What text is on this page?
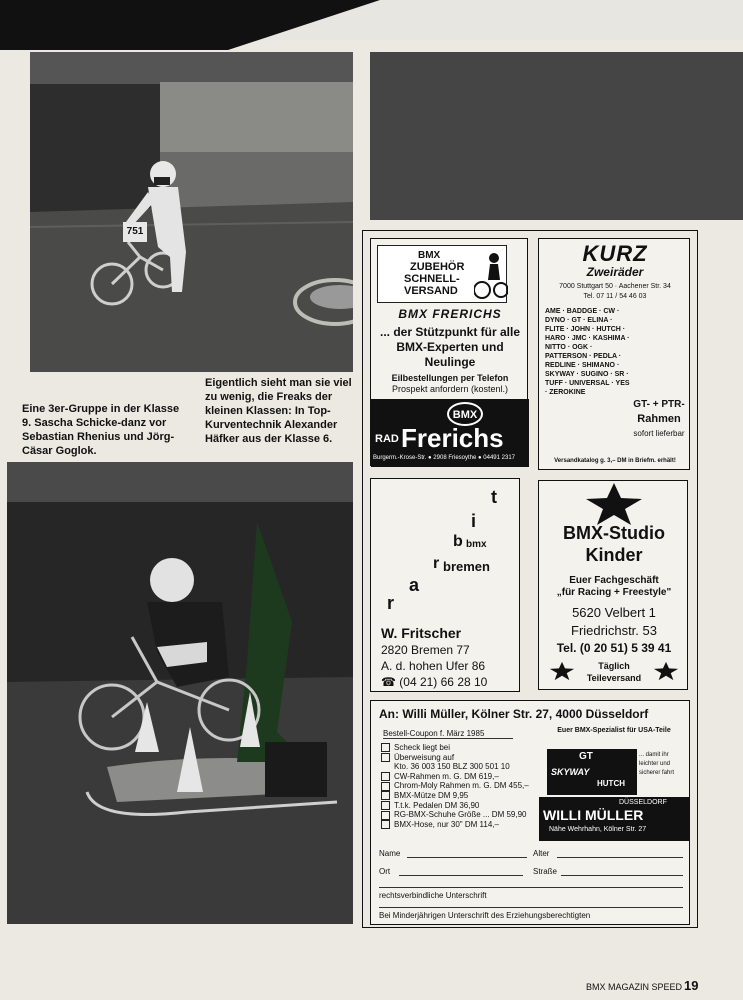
751
Eine 3er-Gruppe in der Klasse 9. Sascha Schicke-danz vor Sebastian Rhenius und Jörg-Cäsar Goglok.
Eigentlich sieht man sie viel zu wenig, die Freaks der kleinen Klassen: In Top-Kurventechnik Alexander Häfker aus der Klasse 6.
BMX
ZUBEHÖR
SCHNELL-
VERSAND
BMX FRERICHS
... der Stützpunkt für alle BMX-Experten und Neulinge
Eilbestellungen per Telefon
Prospekt anfordern (kostenl.)
BMX
RAD Frerichs
Burgerm.-Krose-Str. ● 2908 Friesoythe ● 04491 2317
KURZ
Zweiräder
7000 Stuttgart 50 · Aachener Str. 34
Tel. 07 11 / 54 46 03
AME · BADDGE · CW · DYNO · GT · ELINA · FLITE · JOHN · HUTCH · HARO · JMC · KASHIMA · NITTO · OGK · PATTERSON · PEDLA · REDLINE · SHIMANO · SKYWAY · SUGINO · SR · TUFF · UNIVERSAL · YES · ZEROKINE
GT- + PTR-
Rahmen
sofort lieferbar
Versandkatalog g. 3,– DM in Briefm. erhält!
t
i
b bmx
r bremen
a
r
W. Fritscher
2820 Bremen 77
A. d. hohen Ufer 86
☎ (04 21) 66 28 10
BMX-Studio
Kinder
Euer Fachgeschäft
„für Racing + Freestyle"
5620 Velbert 1
Friedrichstr. 53
Tel. (0 20 51) 5 39 41
Täglich
Teileversand
An: Willi Müller, Kölner Str. 27, 4000 Düsseldorf
Bestell-Coupon f. März 1985
Scheck liegt bei
Überweisung auf
Kto. 36 003 150 BLZ 300 501 10
CW-Rahmen m. G. DM 619,–
Chrom-Moly Rahmen m. G. DM 455,–
BMX-Mütze DM 9,95
T.t.k. Pedalen DM 36,90
RG-BMX-Schuhe Größe ... DM 59,90
BMX-Hose, nur 30" DM 114,–
Euer BMX-Spezialist für USA-Teile
GT
SKYWAY
HUTCH
... damit ihr leichter und sicherer fahrt
DÜSSELDORF
WILLI MÜLLER
Nähe Wehrhahn, Kölner Str. 27
Name	Alter
Ort	Straße
rechtsverbindliche Unterschrift
Bei Minderjährigen Unterschrift des Erziehungsberechtigten
BMX MAGAZIN SPEED 19
